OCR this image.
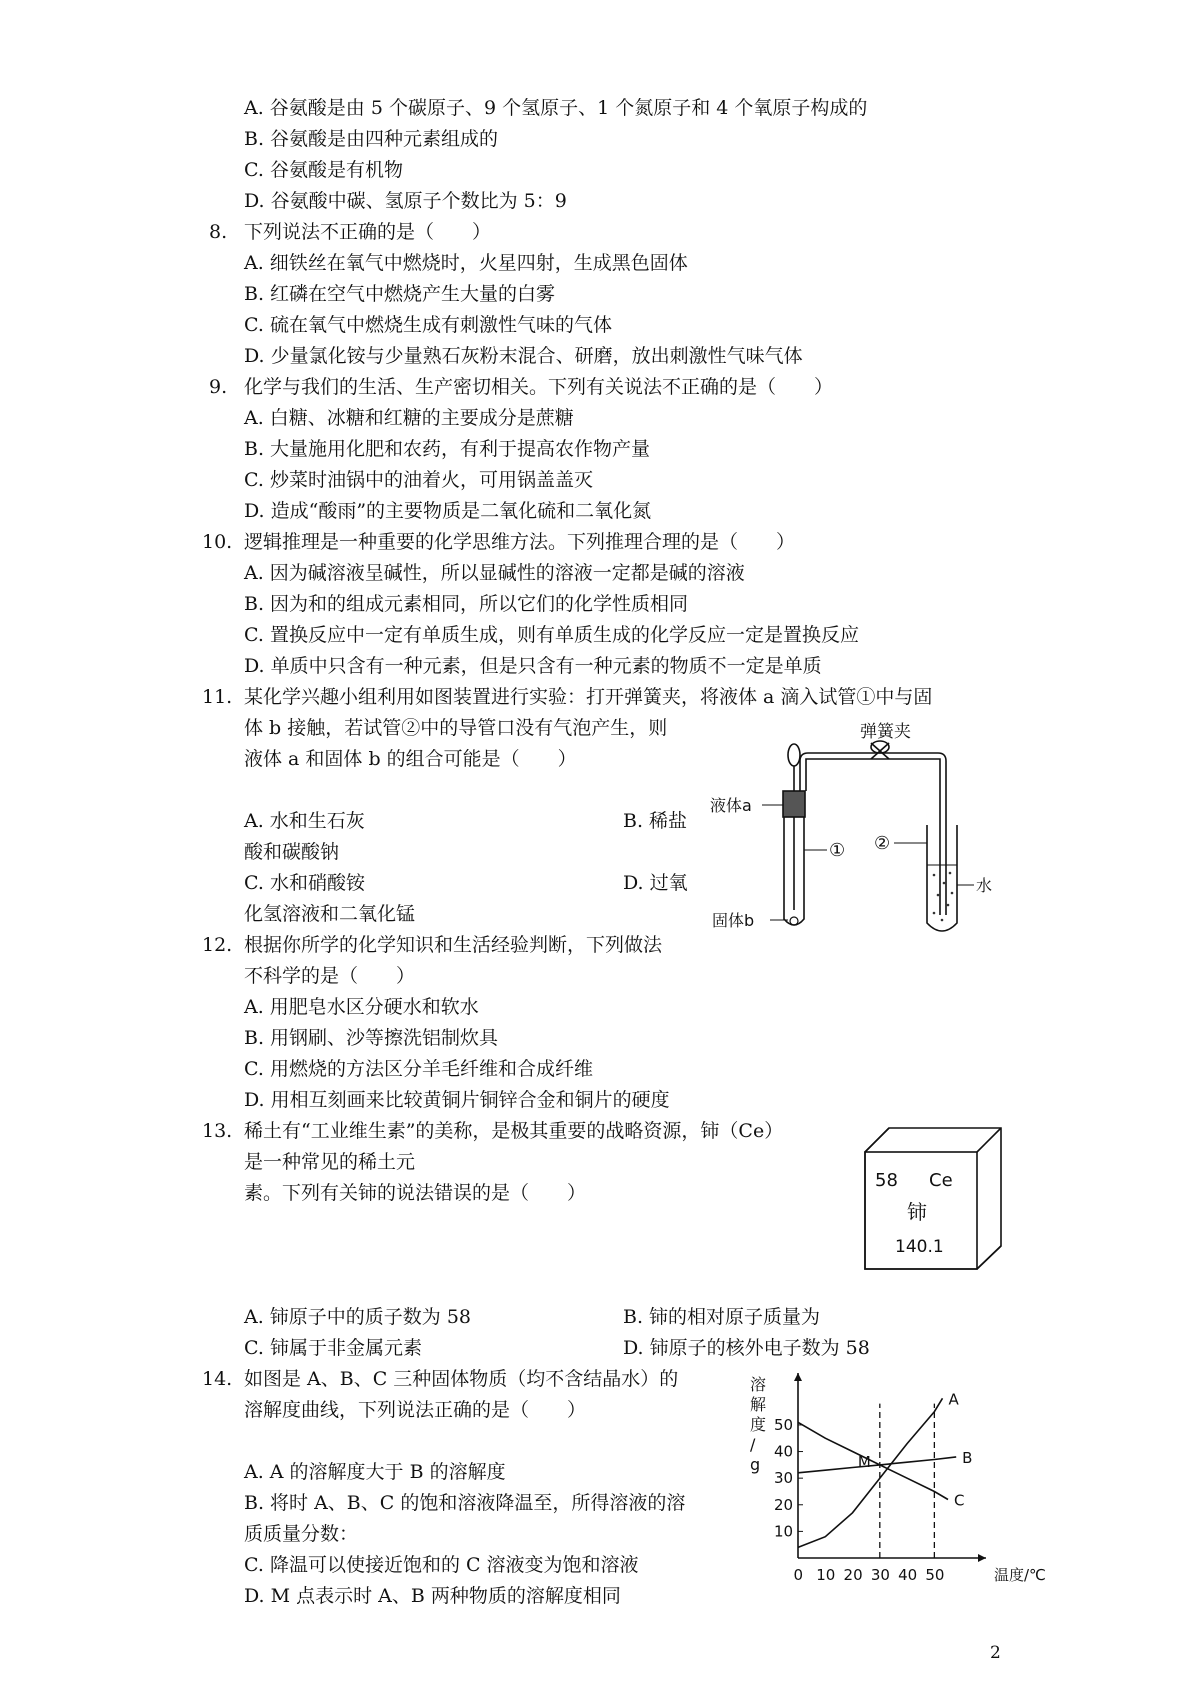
A. 谷氨酸是由 5 个碳原子、9 个氢原子、1 个氮原子和 4 个氧原子构成的
B. 谷氨酸是由四种元素组成的
C. 谷氨酸是有机物
D. 谷氨酸中碳、氢原子个数比为 5：9
8. 下列说法不正确的是（　　）
A. 细铁丝在氧气中燃烧时，火星四射，生成黑色固体
B. 红磷在空气中燃烧产生大量的白雾
C. 硫在氧气中燃烧生成有刺激性气味的气体
D. 少量氯化铵与少量熟石灰粉末混合、研磨，放出刺激性气味气体
9. 化学与我们的生活、生产密切相关。下列有关说法不正确的是（　　）
A. 白糖、冰糖和红糖的主要成分是蔗糖
B. 大量施用化肥和农药，有利于提高农作物产量
C. 炒菜时油锅中的油着火，可用锅盖盖灭
D. 造成“酸雨”的主要物质是二氧化硫和二氧化氮
10. 逻辑推理是一种重要的化学思维方法。下列推理合理的是（　　）
A. 因为碱溶液呈碱性，所以显碱性的溶液一定都是碱的溶液
B. 因为和的组成元素相同，所以它们的化学性质相同
C. 置换反应中一定有单质生成，则有单质生成的化学反应一定是置换反应
D. 单质中只含有一种元素，但是只含有一种元素的物质不一定是单质
11. 某化学兴趣小组利用如图装置进行实验：打开弹簧夹，将液体 a 滴入试管①中与固
体 b 接触，若试管②中的导管口没有气泡产生，则
液体 a 和固体 b 的组合可能是（　　）
A. 水和生石灰	B. 稀盐
酸和碳酸钠
C. 水和硝酸铵	D. 过氧
化氢溶液和二氧化锰
弹簧夹
液体a
① ②
水
固体b
12. 根据你所学的化学知识和生活经验判断，下列做法
不科学的是（　　）
A. 用肥皂水区分硬水和软水
B. 用钢刷、沙等擦洗铝制炊具
C. 用燃烧的方法区分羊毛纤维和合成纤维
D. 用相互刻画来比较黄铜片铜锌合金和铜片的硬度
13. 稀土有“工业维生素”的美称，是极其重要的战略资源，铈（Ce）
是一种常见的稀土元
素。下列有关铈的说法错误的是（　　）
58 Ce
铈
140.1
A. 铈原子中的质子数为 58	B. 铈的相对原子质量为
C. 铈属于非金属元素	D. 铈原子的核外电子数为 58
14. 如图是 A、B、C 三种固体物质（均不含结晶水）的
溶解度曲线，下列说法正确的是（　　）
A. A 的溶解度大于 B 的溶解度
B. 将时 A、B、C 的饱和溶液降温至，所得溶液的溶
质质量分数：
C. 降温可以使接近饱和的 C 溶液变为饱和溶液
D. M 点表示时 A、B 两种物质的溶解度相同
10
20
30
40
50
0 10 20 30 40 50	温度/℃
溶
解
度
/
g
A
B
C
M
2
